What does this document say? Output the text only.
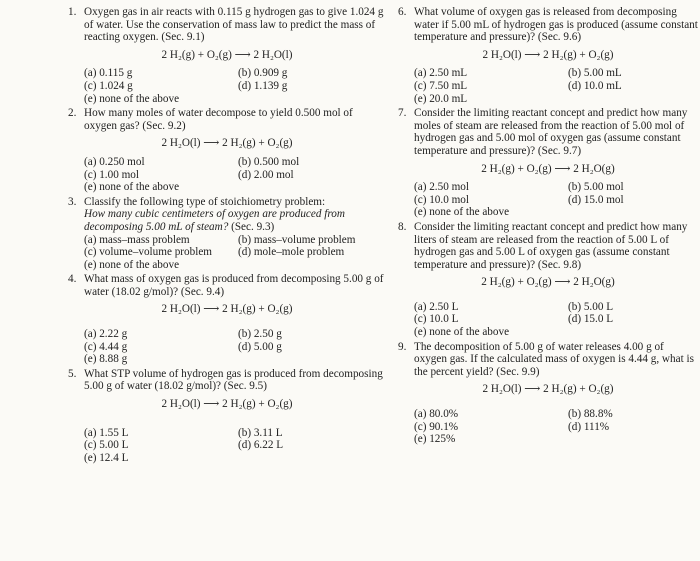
1. Oxygen gas in air reacts with 0.115 g hydrogen gas to give 1.024 g of water. Use the conservation of mass law to predict the mass of reacting oxygen. (Sec. 9.1)
2 H₂(g) + O₂(g) ⟶ 2 H₂O(l)
(a) 0.115 g	(b) 0.909 g
(c) 1.024 g	(d) 1.139 g
(e) none of the above
2. How many moles of water decompose to yield 0.500 mol of oxygen gas? (Sec. 9.2)
2 H₂O(l) ⟶ 2 H₂(g) + O₂(g)
(a) 0.250 mol	(b) 0.500 mol
(c) 1.00 mol	(d) 2.00 mol
(e) none of the above
3. Classify the following type of stoichiometry problem:
How many cubic centimeters of oxygen are produced from decomposing 5.00 mL of steam? (Sec. 9.3)
(a) mass–mass problem	(b) mass–volume problem
(c) volume–volume problem	(d) mole–mole problem
(e) none of the above
4. What mass of oxygen gas is produced from decomposing 5.00 g of water (18.02 g/mol)? (Sec. 9.4)
2 H₂O(l) ⟶ 2 H₂(g) + O₂(g)
(a) 2.22 g	(b) 2.50 g
(c) 4.44 g	(d) 5.00 g
(e) 8.88 g
5. What STP volume of hydrogen gas is produced from decomposing 5.00 g of water (18.02 g/mol)? (Sec. 9.5)
2 H₂O(l) ⟶ 2 H₂(g) + O₂(g)
(a) 1.55 L	(b) 3.11 L
(c) 5.00 L	(d) 6.22 L
(e) 12.4 L
6. What volume of oxygen gas is released from decomposing water if 5.00 mL of hydrogen gas is produced (assume constant temperature and pressure)? (Sec. 9.6)
2 H₂O(l) ⟶ 2 H₂(g) + O₂(g)
(a) 2.50 mL	(b) 5.00 mL
(c) 7.50 mL	(d) 10.0 mL
(e) 20.0 mL
7. Consider the limiting reactant concept and predict how many moles of steam are released from the reaction of 5.00 mol of hydrogen gas and 5.00 mol of oxygen gas (assume constant temperature and pressure)? (Sec. 9.7)
2 H₂(g) + O₂(g) ⟶ 2 H₂O(g)
(a) 2.50 mol	(b) 5.00 mol
(c) 10.0 mol	(d) 15.0 mol
(e) none of the above
8. Consider the limiting reactant concept and predict how many liters of steam are released from the reaction of 5.00 L of hydrogen gas and 5.00 L of oxygen gas (assume constant temperature and pressure)? (Sec. 9.8)
2 H₂(g) + O₂(g) ⟶ 2 H₂O(g)
(a) 2.50 L	(b) 5.00 L
(c) 10.0 L	(d) 15.0 L
(e) none of the above
9. The decomposition of 5.00 g of water releases 4.00 g of oxygen gas. If the calculated mass of oxygen is 4.44 g, what is the percent yield? (Sec. 9.9)
2 H₂O(l) ⟶ 2 H₂(g) + O₂(g)
(a) 80.0%	(b) 88.8%
(c) 90.1%	(d) 111%
(e) 125%
